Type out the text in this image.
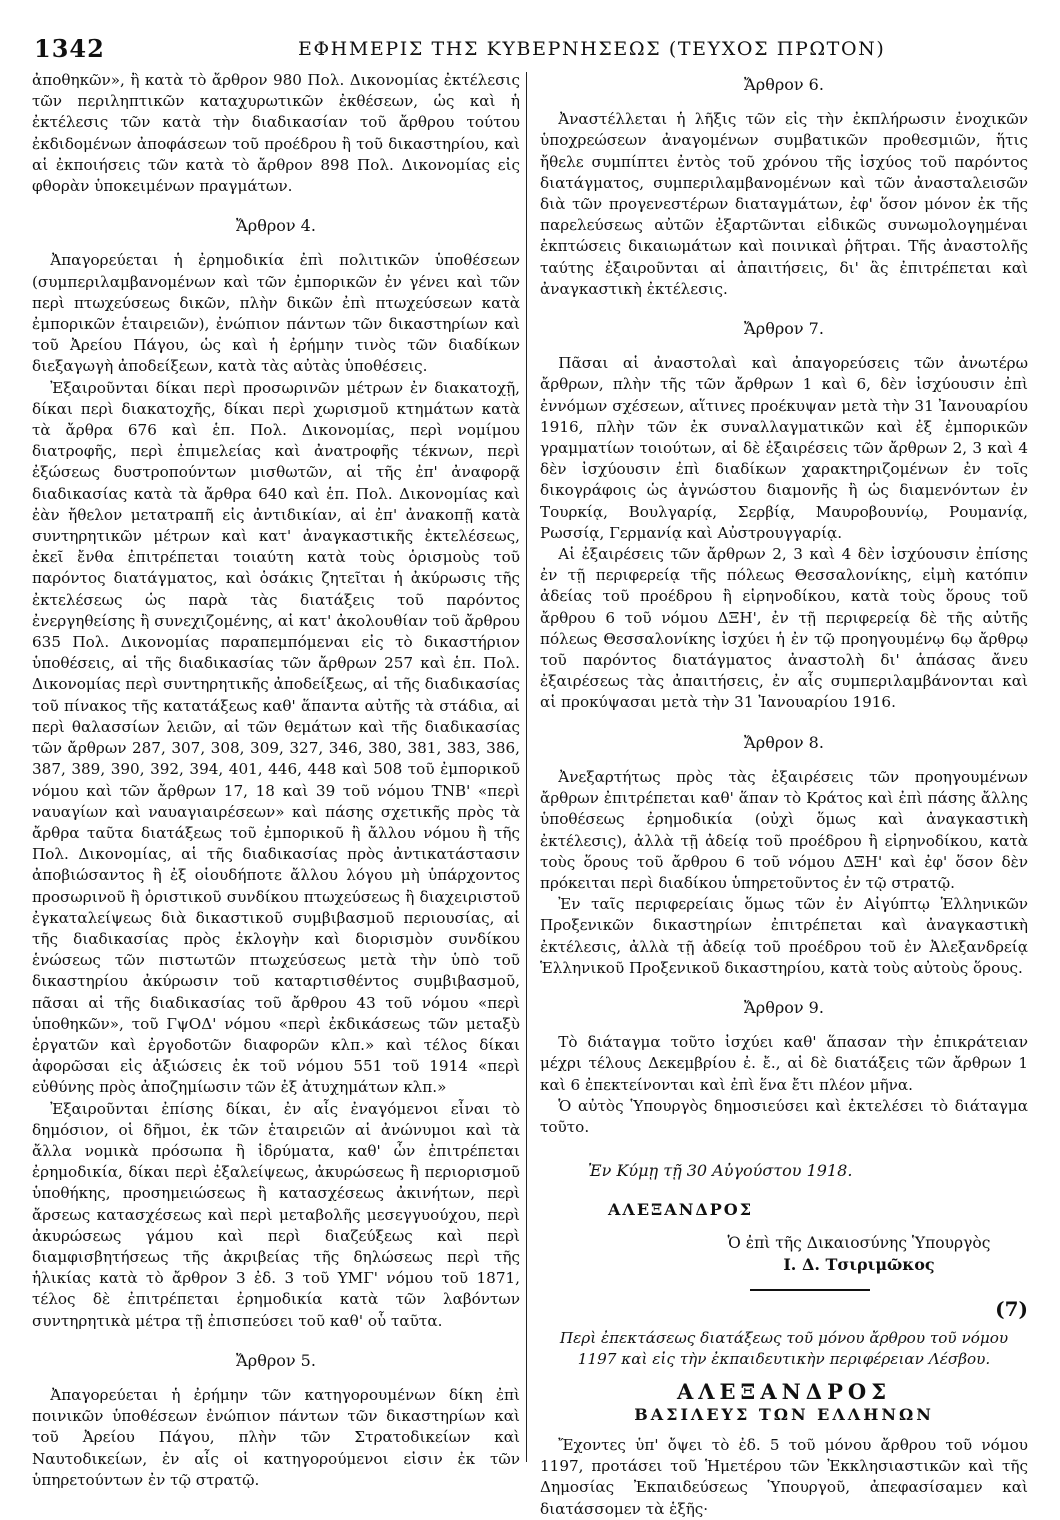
1342	ΕΦΗΜΕΡΙΣ ΤΗΣ ΚΥΒΕΡΝΗΣΕΩΣ (ΤΕΥΧΟΣ ΠΡΩΤΟΝ)

ἀποθηκῶν», ἢ κατὰ τὸ ἄρθρον 980 Πολ. Δικονομίας ἐκτέλεσις τῶν περιληπτικῶν καταχυρωτικῶν ἐκθέσεων, ὡς καὶ ἡ ἐκτέλεσις τῶν κατὰ τὴν διαδικασίαν τοῦ ἄρθρου τούτου ἐκδιδομένων ἀποφάσεων τοῦ προέδρου ἢ τοῦ δικαστηρίου, καὶ αἱ ἐκποιήσεις τῶν κατὰ τὸ ἄρθρον 898 Πολ. Δικονομίας εἰς φθορὰν ὑποκειμένων πραγμάτων.

Ἄρθρον 4.

Ἀπαγορεύεται ἡ ἐρημοδικία ἐπὶ πολιτικῶν ὑποθέσεων (συμπεριλαμβανομένων καὶ τῶν ἐμπορικῶν ἐν γένει καὶ τῶν περὶ πτωχεύσεως δικῶν, πλὴν δικῶν ἐπὶ πτωχεύσεων κατὰ ἐμπορικῶν ἑταιρειῶν), ἐνώπιον πάντων τῶν δικαστηρίων καὶ τοῦ Ἀρείου Πάγου, ὡς καὶ ἡ ἐρήμην τινὸς τῶν διαδίκων διεξαγωγὴ ἀποδείξεων, κατὰ τὰς αὐτὰς ὑποθέσεις.

Ἐξαιροῦνται δίκαι περὶ προσωρινῶν μέτρων ἐν διακατοχῇ, δίκαι περὶ διακατοχῆς, δίκαι περὶ χωρισμοῦ κτημάτων κατὰ τὰ ἄρθρα 676 καὶ ἑπ. Πολ. Δικονομίας, περὶ νομίμου διατροφῆς, περὶ ἐπιμελείας καὶ ἀνατροφῆς τέκνων, περὶ ἐξώσεως δυστροπούντων μισθωτῶν, αἱ τῆς ἐπ' ἀναφορᾷ διαδικασίας κατὰ τὰ ἄρθρα 640 καὶ ἑπ. Πολ. Δικονομίας καὶ ἐὰν ἤθελον μετατραπῆ εἰς ἀντιδικίαν, αἱ ἐπ' ἀνακοπῇ κατὰ συντηρητικῶν μέτρων καὶ κατ' ἀναγκαστικῆς ἐκτελέσεως, ἐκεῖ ἔνθα ἐπιτρέπεται τοιαύτη κατὰ τοὺς ὁρισμοὺς τοῦ παρόντος διατάγματος, καὶ ὁσάκις ζητεῖται ἡ ἀκύρωσις τῆς ἐκτελέσεως ὡς παρὰ τὰς διατάξεις τοῦ παρόντος ἐνεργηθείσης ἢ συνεχιζομένης, αἱ κατ' ἀκολουθίαν τοῦ ἄρθρου 635 Πολ. Δικονομίας παραπεμπόμεναι εἰς τὸ δικαστήριον ὑποθέσεις, αἱ τῆς διαδικασίας τῶν ἄρθρων 257 καὶ ἑπ. Πολ. Δικονομίας περὶ συντηρητικῆς ἀποδείξεως, αἱ τῆς διαδικασίας τοῦ πίνακος τῆς κατατάξεως καθ' ἅπαντα αὐτῆς τὰ στάδια, αἱ περὶ θαλασσίων λειῶν, αἱ τῶν θεμάτων καὶ τῆς διαδικασίας τῶν ἄρθρων 287, 307, 308, 309, 327, 346, 380, 381, 383, 386, 387, 389, 390, 392, 394, 401, 446, 448 καὶ 508 τοῦ ἐμπορικοῦ νόμου καὶ τῶν ἄρθρων 17, 18 καὶ 39 τοῦ νόμου ΤΝΒ' «περὶ ναυαγίων καὶ ναυαγιαιρέσεων» καὶ πάσης σχετικῆς πρὸς τὰ ἄρθρα ταῦτα διατάξεως τοῦ ἐμπορικοῦ ἢ ἄλλου νόμου ἢ τῆς Πολ. Δικονομίας, αἱ τῆς διαδικασίας πρὸς ἀντικατάστασιν ἀποβιώσαντος ἢ ἐξ οἱουδήποτε ἄλλου λόγου μὴ ὑπάρχοντος προσωρινοῦ ἢ ὁριστικοῦ συνδίκου πτωχεύσεως ἢ διαχειριστοῦ ἐγκαταλείψεως διὰ δικαστικοῦ συμβιβασμοῦ περιουσίας, αἱ τῆς διαδικασίας πρὸς ἐκλογὴν καὶ διορισμὸν συνδίκου ἑνώσεως τῶν πιστωτῶν πτωχεύσεως μετὰ τὴν ὑπὸ τοῦ δικαστηρίου ἀκύρωσιν τοῦ καταρτισθέντος συμβιβασμοῦ, πᾶσαι αἱ τῆς διαδικασίας τοῦ ἄρθρου 43 τοῦ νόμου «περὶ ὑποθηκῶν», τοῦ ΓψΟΔ' νόμου «περὶ ἐκδικάσεως τῶν μεταξὺ ἐργατῶν καὶ ἐργοδοτῶν διαφορῶν κλπ.» καὶ τέλος δίκαι ἀφορῶσαι εἰς ἀξιώσεις ἐκ τοῦ νόμου 551 τοῦ 1914 «περὶ εὐθύνης πρὸς ἀποζημίωσιν τῶν ἐξ ἀτυχημάτων κλπ.»

Ἐξαιροῦνται ἐπίσης δίκαι, ἐν αἷς ἐναγόμενοι εἶναι τὸ δημόσιον, οἱ δῆμοι, ἐκ τῶν ἑταιρειῶν αἱ ἀνώνυμοι καὶ τὰ ἄλλα νομικὰ πρόσωπα ἢ ἱδρύματα, καθ' ὧν ἐπιτρέπεται ἐρημοδικία, δίκαι περὶ ἐξαλείψεως, ἀκυρώσεως ἢ περιορισμοῦ ὑποθήκης, προσημειώσεως ἢ κατασχέσεως ἀκινήτων, περὶ ἄρσεως κατασχέσεως καὶ περὶ μεταβολῆς μεσεγγυούχου, περὶ ἀκυρώσεως γάμου καὶ περὶ διαζεύξεως καὶ περὶ διαμφισβητήσεως τῆς ἀκριβείας τῆς δηλώσεως περὶ τῆς ἡλικίας κατὰ τὸ ἄρθρον 3 ἐδ. 3 τοῦ ΥΜΓ' νόμου τοῦ 1871, τέλος δὲ ἐπιτρέπεται ἐρημοδικία κατὰ τῶν λαβόντων συντηρητικὰ μέτρα τῇ ἐπισπεύσει τοῦ καθ' οὗ ταῦτα.

Ἄρθρον 5.

Ἀπαγορεύεται ἡ ἐρήμην τῶν κατηγορουμένων δίκη ἐπὶ ποινικῶν ὑποθέσεων ἐνώπιον πάντων τῶν δικαστηρίων καὶ τοῦ Ἀρείου Πάγου, πλὴν τῶν Στρατοδικείων καὶ Ναυτοδικείων, ἐν αἷς οἱ κατηγορούμενοι εἰσιν ἐκ τῶν ὑπηρετούντων ἐν τῷ στρατῷ.

Ἄρθρον 6.

Ἀναστέλλεται ἡ λῆξις τῶν εἰς τὴν ἐκπλήρωσιν ἐνοχικῶν ὑποχρεώσεων ἀναγομένων συμβατικῶν προθεσμιῶν, ἥτις ἤθελε συμπίπτει ἐντὸς τοῦ χρόνου τῆς ἰσχύος τοῦ παρόντος διατάγματος, συμπεριλαμβανομένων καὶ τῶν ἀνασταλεισῶν διὰ τῶν προγενεστέρων διαταγμάτων, ἐφ' ὅσον μόνον ἐκ τῆς παρελεύσεως αὐτῶν ἐξαρτῶνται εἰδικῶς συνωμολογημέναι ἐκπτώσεις δικαιωμάτων καὶ ποινικαὶ ῥῆτραι. Τῆς ἀναστολῆς ταύτης ἐξαιροῦνται αἱ ἀπαιτήσεις, δι' ἃς ἐπιτρέπεται καὶ ἀναγκαστικὴ ἐκτέλεσις.

Ἄρθρον 7.

Πᾶσαι αἱ ἀναστολαὶ καὶ ἀπαγορεύσεις τῶν ἀνωτέρω ἄρθρων, πλὴν τῆς τῶν ἄρθρων 1 καὶ 6, δὲν ἰσχύουσιν ἐπὶ ἐννόμων σχέσεων, αἵτινες προέκυψαν μετὰ τὴν 31 Ἰανουαρίου 1916, πλὴν τῶν ἐκ συναλλαγματικῶν καὶ ἐξ ἐμπορικῶν γραμματίων τοιούτων, αἱ δὲ ἐξαιρέσεις τῶν ἄρθρων 2, 3 καὶ 4 δὲν ἰσχύουσιν ἐπὶ διαδίκων χαρακτηριζομένων ἐν τοῖς δικογράφοις ὡς ἀγνώστου διαμονῆς ἢ ὡς διαμενόντων ἐν Τουρκίᾳ, Βουλγαρίᾳ, Σερβίᾳ, Μαυροβουνίῳ, Ρουμανίᾳ, Ρωσσίᾳ, Γερμανίᾳ καὶ Αὐστρουγγαρίᾳ.

Αἱ ἐξαιρέσεις τῶν ἄρθρων 2, 3 καὶ 4 δὲν ἰσχύουσιν ἐπίσης ἐν τῇ περιφερείᾳ τῆς πόλεως Θεσσαλονίκης, εἰμὴ κατόπιν ἀδείας τοῦ προέδρου ἢ εἰρηνοδίκου, κατὰ τοὺς ὅρους τοῦ ἄρθρου 6 τοῦ νόμου ΔΞΗ', ἐν τῇ περιφερείᾳ δὲ τῆς αὐτῆς πόλεως Θεσσαλονίκης ἰσχύει ἡ ἐν τῷ προηγουμένῳ 6ῳ ἄρθρῳ τοῦ παρόντος διατάγματος ἀναστολὴ δι' ἁπάσας ἄνευ ἐξαιρέσεως τὰς ἀπαιτήσεις, ἐν αἷς συμπεριλαμβάνονται καὶ αἱ προκύψασαι μετὰ τὴν 31 Ἰανουαρίου 1916.

Ἄρθρον 8.

Ἀνεξαρτήτως πρὸς τὰς ἐξαιρέσεις τῶν προηγουμένων ἄρθρων ἐπιτρέπεται καθ' ἅπαν τὸ Κράτος καὶ ἐπὶ πάσης ἄλλης ὑποθέσεως ἐρημοδικία (οὐχὶ ὅμως καὶ ἀναγκαστικὴ ἐκτέλεσις), ἀλλὰ τῇ ἀδείᾳ τοῦ προέδρου ἢ εἰρηνοδίκου, κατὰ τοὺς ὅρους τοῦ ἄρθρου 6 τοῦ νόμου ΔΞΗ' καὶ ἐφ' ὅσον δὲν πρόκειται περὶ διαδίκου ὑπηρετοῦντος ἐν τῷ στρατῷ.

Ἐν ταῖς περιφερείαις ὅμως τῶν ἐν Αἰγύπτῳ Ἑλληνικῶν Προξενικῶν δικαστηρίων ἐπιτρέπεται καὶ ἀναγκαστικὴ ἐκτέλεσις, ἀλλὰ τῇ ἀδείᾳ τοῦ προέδρου τοῦ ἐν Ἀλεξανδρείᾳ Ἑλληνικοῦ Προξενικοῦ δικαστηρίου, κατὰ τοὺς αὐτοὺς ὅρους.

Ἄρθρον 9.

Τὸ διάταγμα τοῦτο ἰσχύει καθ' ἅπασαν τὴν ἐπικράτειαν μέχρι τέλους Δεκεμβρίου ἐ. ἔ., αἱ δὲ διατάξεις τῶν ἄρθρων 1 καὶ 6 ἐπεκτείνονται καὶ ἐπὶ ἕνα ἔτι πλέον μῆνα.

Ὁ αὐτὸς Ὑπουργὸς δημοσιεύσει καὶ ἐκτελέσει τὸ διάταγμα τοῦτο.

Ἐν Κύμῃ τῇ 30 Αὐγούστου 1918.
ΑΛΕΞΑΝΔΡΟΣ
Ὁ ἐπὶ τῆς Δικαιοσύνης Ὑπουργὸς
Ι. Δ. Τσιριμῶκος
(7)
Περὶ ἐπεκτάσεως διατάξεως τοῦ μόνου ἄρθρου τοῦ νόμου 1197 καὶ εἰς τὴν ἐκπαιδευτικὴν περιφέρειαν Λέσβου.
ΑΛΕΞΑΝΔΡΟΣ
ΒΑΣΙΛΕΥΣ ΤΩΝ ΕΛΛΗΝΩΝ

Ἔχοντες ὑπ' ὄψει τὸ ἐδ. 5 τοῦ μόνου ἄρθρου τοῦ νόμου 1197, προτάσει τοῦ Ἡμετέρου τῶν Ἐκκλησιαστικῶν καὶ τῆς Δημοσίας Ἐκπαιδεύσεως Ὑπουργοῦ, ἀπεφασίσαμεν καὶ διατάσσομεν τὰ ἑξῆς·
